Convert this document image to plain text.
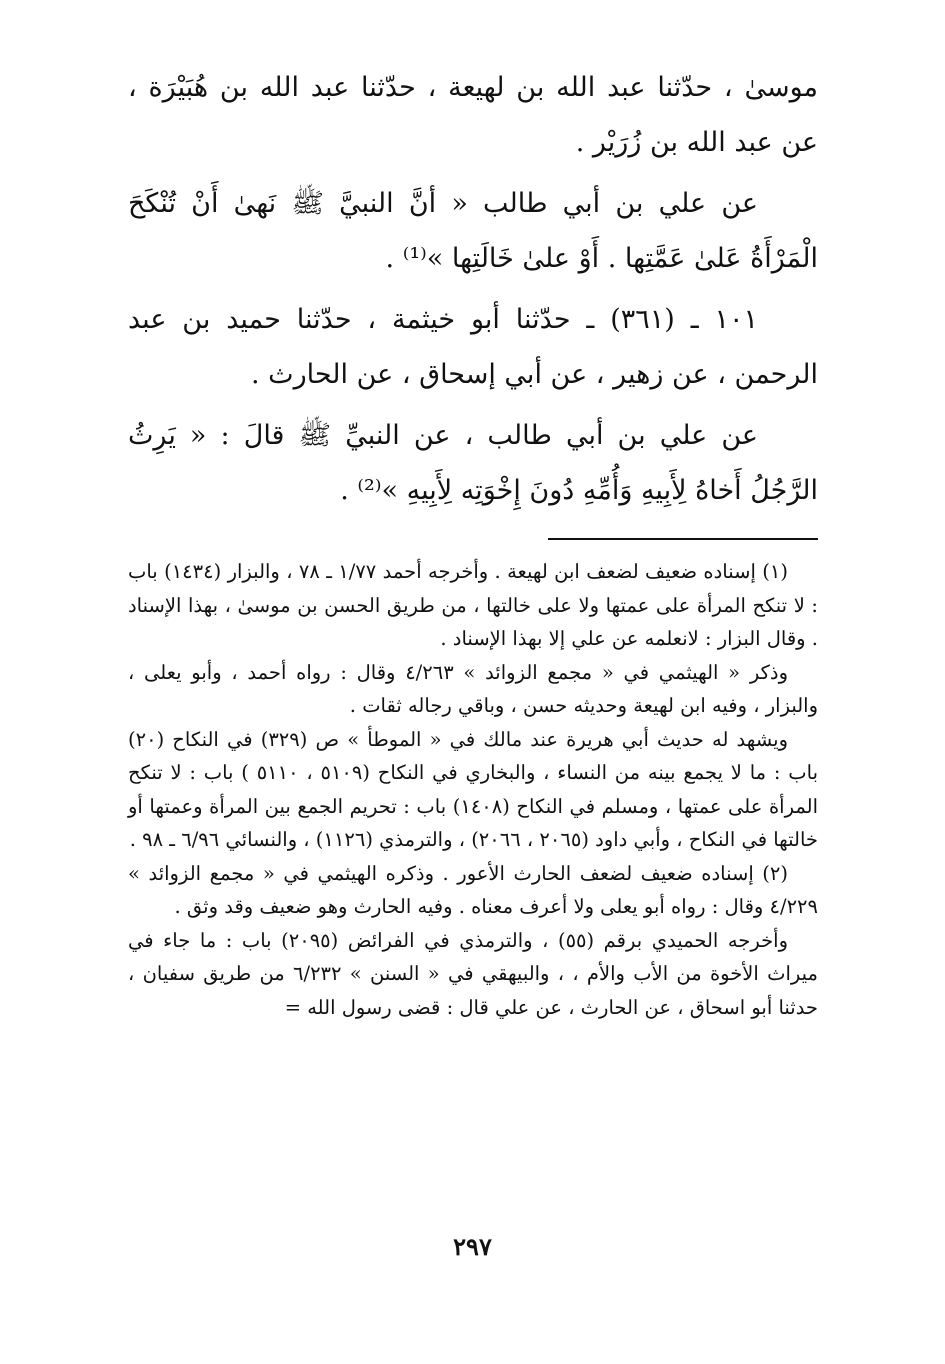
موسىٰ ، حدّثنا عبد الله بن لهيعة ، حدّثنا عبد الله بن هُبَيْرَة ، عن عبد الله بن زُرَيْر .

عن علي بن أبي طالب « أنَّ النبيَّ ﷺ نَهىٰ أَنْ تُنْكَحَ الْمَرْأَةُ عَلىٰ عَمَّتِها . أَوْ علىٰ خَالَتِها »⁽¹⁾ .

١٠١ ـ (٣٦١) ـ حدّثنا أبو خيثمة ، حدّثنا حميد بن عبد الرحمن ، عن زهير ، عن أبي إسحاق ، عن الحارث .

عن علي بن أبي طالب ، عن النبيِّ ﷺ قالَ : « يَرِثُ الرَّجُلُ أَخاهُ لِأَبِيهِ وَأُمِّهِ دُونَ إِخْوَتِه لِأَبِيهِ »⁽²⁾ .

(١) إسناده ضعيف لضعف ابن لهيعة . وأخرجه أحمد ١/٧٧ ـ ٧٨ ، والبزار (١٤٣٤) باب : لا تنكح المرأة على عمتها ولا على خالتها ، من طريق الحسن بن موسىٰ ، بهذا الإسناد . وقال البزار : لانعلمه عن علي إلا بهذا الإسناد .

وذكر « الهيثمي في « مجمع الزوائد » ٤/٢٦٣ وقال : رواه أحمد ، وأبو يعلى ، والبزار ، وفيه ابن لهيعة وحديثه حسن ، وباقي رجاله ثقات .

ويشهد له حديث أبي هريرة عند مالك في « الموطأ » ص (٣٢٩) في النكاح (٢٠) باب : ما لا يجمع بينه من النساء ، والبخاري في النكاح (٥١٠٩ ، ٥١١٠ ) باب : لا تنكح المرأة على عمتها ، ومسلم في النكاح (١٤٠٨) باب : تحريم الجمع بين المرأة وعمتها أو خالتها في النكاح ، وأبي داود (٢٠٦٥ ، ٢٠٦٦) ، والترمذي (١١٢٦) ، والنسائي ٦/٩٦ ـ ٩٨ .

(٢) إسناده ضعيف لضعف الحارث الأعور . وذكره الهيثمي في « مجمع الزوائد » ٤/٢٢٩ وقال : رواه أبو يعلى ولا أعرف معناه . وفيه الحارث وهو ضعيف وقد وثق .

وأخرجه الحميدي برقم (٥٥) ، والترمذي في الفرائض (٢٠٩٥) باب : ما جاء في ميراث الأخوة من الأب والأم ، ، والبيهقي في « السنن » ٦/٢٣٢ من طريق سفيان ، حدثنا أبو اسحاق ، عن الحارث ، عن علي قال : قضى رسول الله =

٢٩٧
